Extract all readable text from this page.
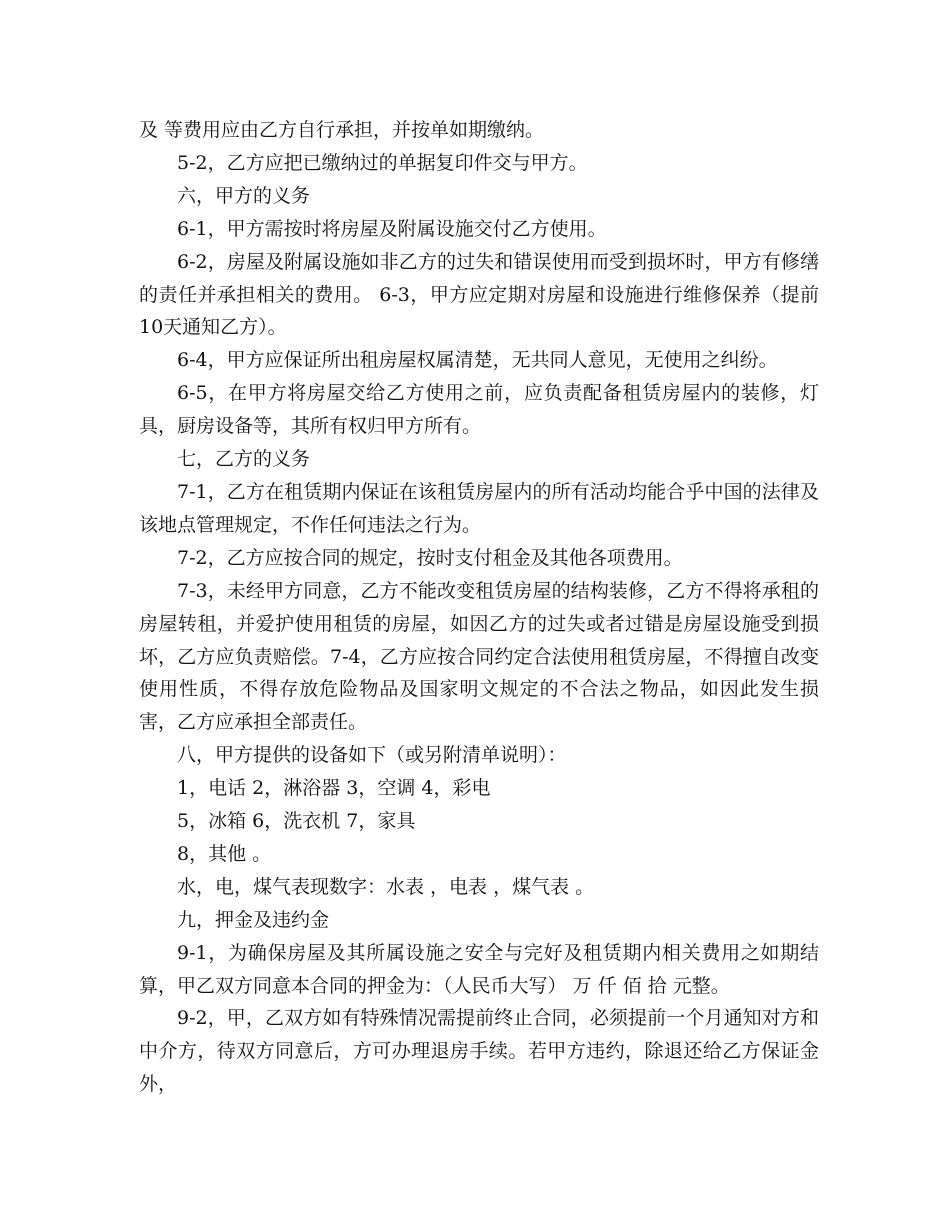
及 等费用应由乙方自行承担，并按单如期缴纳。

5-2，乙方应把已缴纳过的单据复印件交与甲方。

六，甲方的义务

6-1，甲方需按时将房屋及附属设施交付乙方使用。

6-2，房屋及附属设施如非乙方的过失和错误使用而受到损坏时，甲方有修缮的责任并承担相关的费用。 6-3，甲方应定期对房屋和设施进行维修保养（提前10天通知乙方）。

6-4，甲方应保证所出租房屋权属清楚，无共同人意见，无使用之纠纷。

6-5，在甲方将房屋交给乙方使用之前，应负责配备租赁房屋内的装修，灯具，厨房设备等，其所有权归甲方所有。

七，乙方的义务

7-1，乙方在租赁期内保证在该租赁房屋内的所有活动均能合乎中国的法律及该地点管理规定，不作任何违法之行为。

7-2，乙方应按合同的规定，按时支付租金及其他各项费用。

7-3，未经甲方同意，乙方不能改变租赁房屋的结构装修，乙方不得将承租的房屋转租，并爱护使用租赁的房屋，如因乙方的过失或者过错是房屋设施受到损坏，乙方应负责赔偿。7-4，乙方应按合同约定合法使用租赁房屋，不得擅自改变使用性质，不得存放危险物品及国家明文规定的不合法之物品，如因此发生损害，乙方应承担全部责任。

八，甲方提供的设备如下（或另附清单说明）：

1，电话 2，淋浴器 3，空调 4，彩电

5，冰箱 6，洗衣机 7，家具

8，其他 。

水，电，煤气表现数字：水表 ，电表 ，煤气表 。

九，押金及违约金

9-1，为确保房屋及其所属设施之安全与完好及租赁期内相关费用之如期结算，甲乙双方同意本合同的押金为：（人民币大写） 万 仟 佰 拾 元整。

9-2，甲，乙双方如有特殊情况需提前终止合同，必须提前一个月通知对方和中介方，待双方同意后，方可办理退房手续。若甲方违约，除退还给乙方保证金外，
